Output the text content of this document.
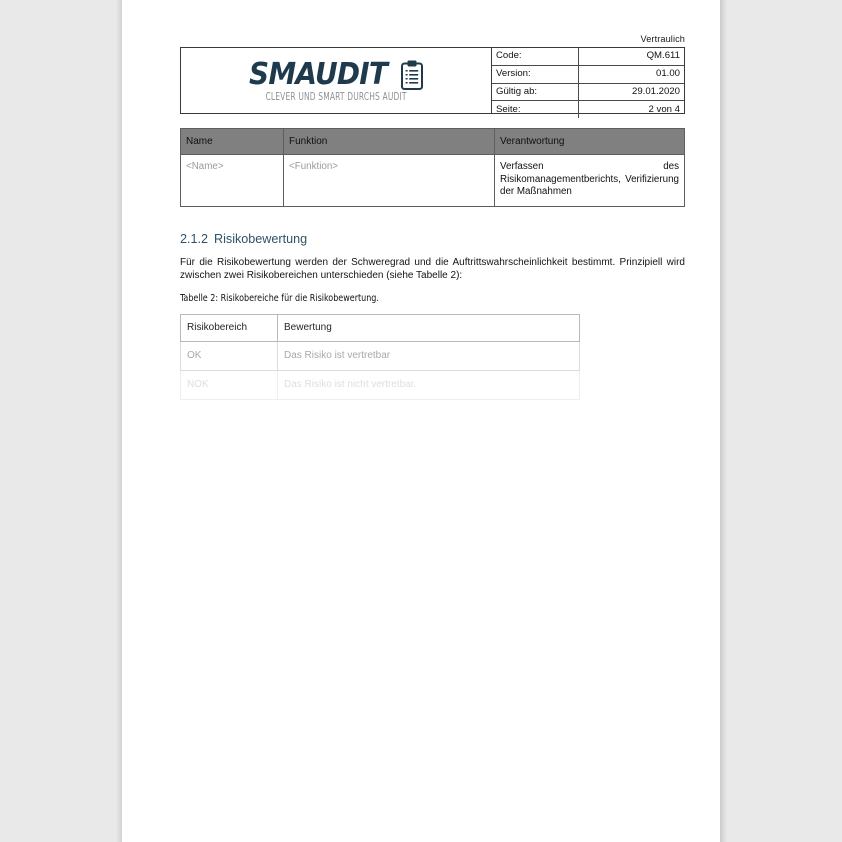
Vertraulich
SMAUDIT
CLEVER UND SMART DURCHS AUDIT
Code:	QM.611
Version:	01.00
Gültig ab:	29.01.2020
Seite:	2 von 4
Name	Funktion	Verantwortung
<Name>	<Funktion>	Verfassen des Risikomanagementberichts, Verifizierung der Maßnahmen
2.1.2 Risikobewertung
Für die Risikobewertung werden der Schweregrad und die Auftrittswahrscheinlichkeit bestimmt. Prinzipiell wird zwischen zwei Risikobereichen unterschieden (siehe Tabelle 2):
Tabelle 2: Risikobereiche für die Risikobewertung.
Risikobereich	Bewertung
OK	Das Risiko ist vertretbar
NOK	Das Risiko ist nicht vertretbar.
